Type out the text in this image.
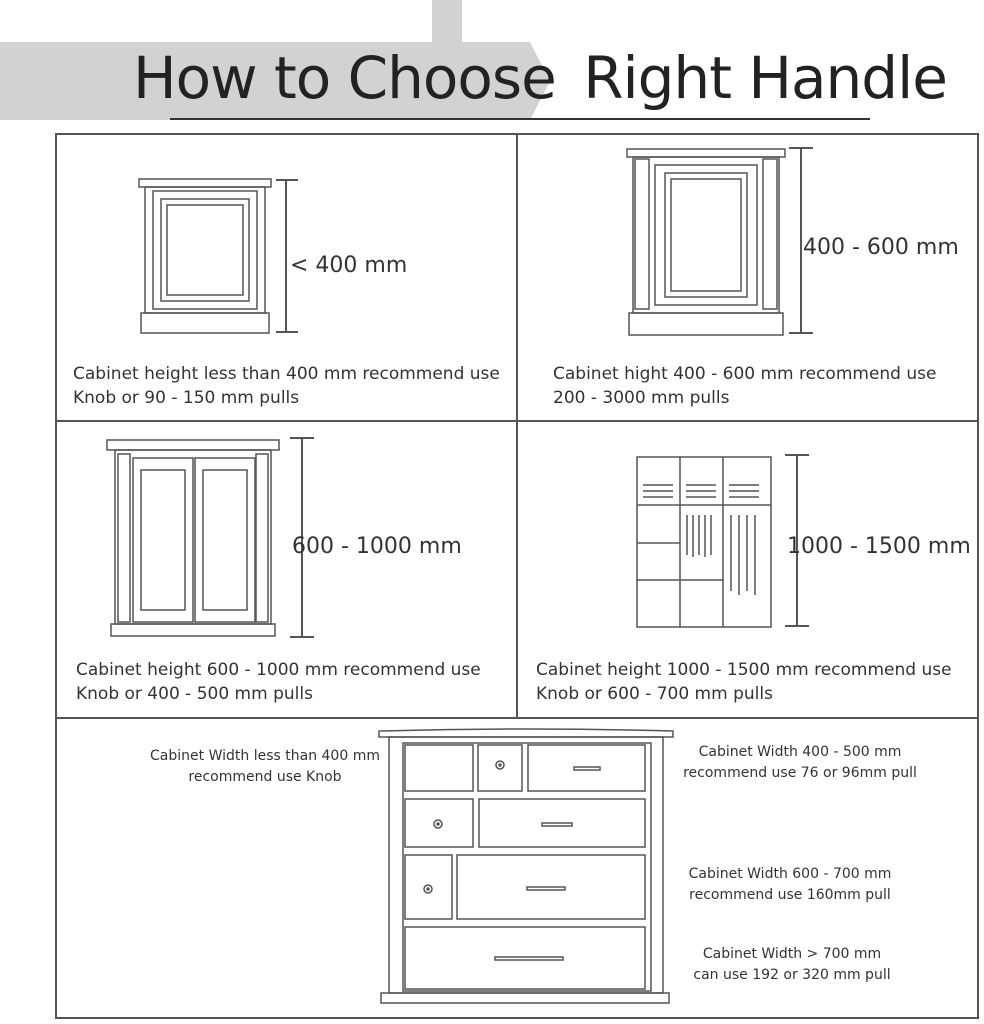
How to Choose Right Handle
< 400 mm
Cabinet height less than 400 mm recommend use
Knob or 90 - 150 mm pulls
400 - 600 mm
Cabinet hight 400 - 600 mm recommend use
200 - 3000 mm pulls
600 - 1000 mm
Cabinet height 600 - 1000 mm recommend use
Knob or 400 - 500 mm pulls
1000 - 1500 mm
Cabinet height 1000 - 1500 mm recommend use
Knob or 600 - 700 mm pulls
Cabinet Width less than 400 mm
recommend use Knob
Cabinet Width 400 - 500 mm
recommend use 76 or 96mm pull
Cabinet Width 600 - 700 mm
recommend use 160mm pull
Cabinet Width > 700 mm
can use 192 or 320 mm pull
